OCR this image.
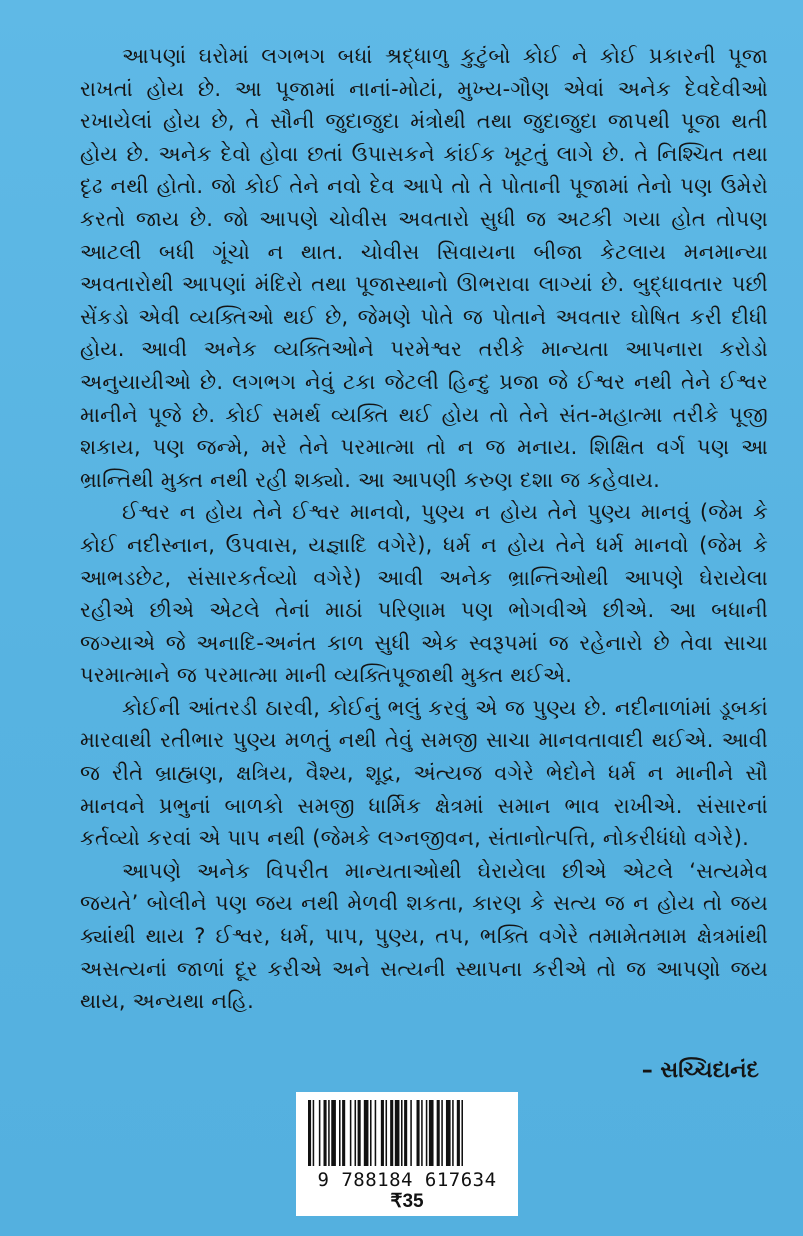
આપણાં ઘરોમાં લગભગ બધાં શ્રદ્ધાળુ કુટુંબો કોઈ ને કોઈ પ્રકારની પૂજા રાખતાં હોય છે. આ પૂજામાં નાનાં-મોટાં, મુખ્ય-ગૌણ એવાં અનેક દેવદેવીઓ રખાયેલાં હોય છે, તે સૌની જુદાજુદા મંત્રોથી તથા જુદાજુદા જાપથી પૂજા થતી હોય છે. અનેક દેવો હોવા છતાં ઉપાસકને કાંઈક ખૂટતું લાગે છે. તે નિશ્ચિત તથા દૃઢ નથી હોતો. જો કોઈ તેને નવો દેવ આપે તો તે પોતાની પૂજામાં તેનો પણ ઉમેરો કરતો જાય છે. જો આપણે ચોવીસ અવતારો સુધી જ અટકી ગયા હોત તોપણ આટલી બધી ગૂંચો ન થાત. ચોવીસ સિવાયના બીજા કેટલાય મનમાન્યા અવતારોથી આપણાં મંદિરો તથા પૂજાસ્થાનો ઊભરાવા લાગ્યાં છે. બુદ્ધાવતાર પછી સેંકડો એવી વ્યક્તિઓ થઈ છે, જેમણે પોતે જ પોતાને અવતાર ઘોષિત કરી દીધી હોય. આવી અનેક વ્યક્તિઓને પરમેશ્વર તરીકે માન્યતા આપનારા કરોડો અનુયાયીઓ છે. લગભગ નેવું ટકા જેટલી હિન્દુ પ્રજા જે ઈશ્વર નથી તેને ઈશ્વર માનીને પૂજે છે. કોઈ સમર્થ વ્યક્તિ થઈ હોય તો તેને સંત-મહાત્મા તરીકે પૂજી શકાય, પણ જન્મે, મરે તેને પરમાત્મા તો ન જ મનાય. શિક્ષિત વર્ગ પણ આ ભ્રાન્તિથી મુક્ત નથી રહી શક્યો. આ આપણી કરુણ દશા જ કહેવાય.

ઈશ્વર ન હોય તેને ઈશ્વર માનવો, પુણ્ય ન હોય તેને પુણ્ય માનવું (જેમ કે કોઈ નદીસ્નાન, ઉપવાસ, યજ્ઞાદિ વગેરે), ધર્મ ન હોય તેને ધર્મ માનવો (જેમ કે આભડછેટ, સંસારકર્તવ્યો વગેરે) આવી અનેક ભ્રાન્તિઓથી આપણે ઘેરાયેલા રહીએ છીએ એટલે તેનાં માઠાં પરિણામ પણ ભોગવીએ છીએ. આ બધાની જગ્યાએ જે અનાદિ-અનંત કાળ સુધી એક સ્વરૂપમાં જ રહેનારો છે તેવા સાચા પરમાત્માને જ પરમાત્મા માની વ્યક્તિપૂજાથી મુક્ત થઈએ.

કોઈની આંતરડી ઠારવી, કોઈનું ભલું કરવું એ જ પુણ્ય છે. નદીનાળાંમાં ડૂબકાં મારવાથી રતીભાર પુણ્ય મળતું નથી તેવું સમજી સાચા માનવતાવાદી થઈએ. આવી જ રીતે બ્રાહ્મણ, ક્ષત્રિય, વૈશ્ય, શૂદ્ર, અંત્યજ વગેરે ભેદોને ધર્મ ન માનીને સૌ માનવને પ્રભુનાં બાળકો સમજી ધાર્મિક ક્ષેત્રમાં સમાન ભાવ રાખીએ. સંસારનાં કર્તવ્યો કરવાં એ પાપ નથી (જેમકે લગ્નજીવન, સંતાનોત્પત્તિ, નોકરીધંધો વગેરે).

આપણે અનેક વિપરીત માન્યતાઓથી ઘેરાયેલા છીએ એટલે ‘સત્યમેવ જયતે’ બોલીને પણ જય નથી મેળવી શકતા, કારણ કે સત્ય જ ન હોય તો જય ક્યાંથી થાય ? ઈશ્વર, ધર્મ, પાપ, પુણ્ય, તપ, ભક્તિ વગેરે તમામેતમામ ક્ષેત્રમાંથી અસત્યનાં જાળાં દૂર કરીએ અને સત્યની સ્થાપના કરીએ તો જ આપણો જય થાય, અન્યથા નહિ.

– સચ્ચિદાનંદ
9 788184 617634
₹35
